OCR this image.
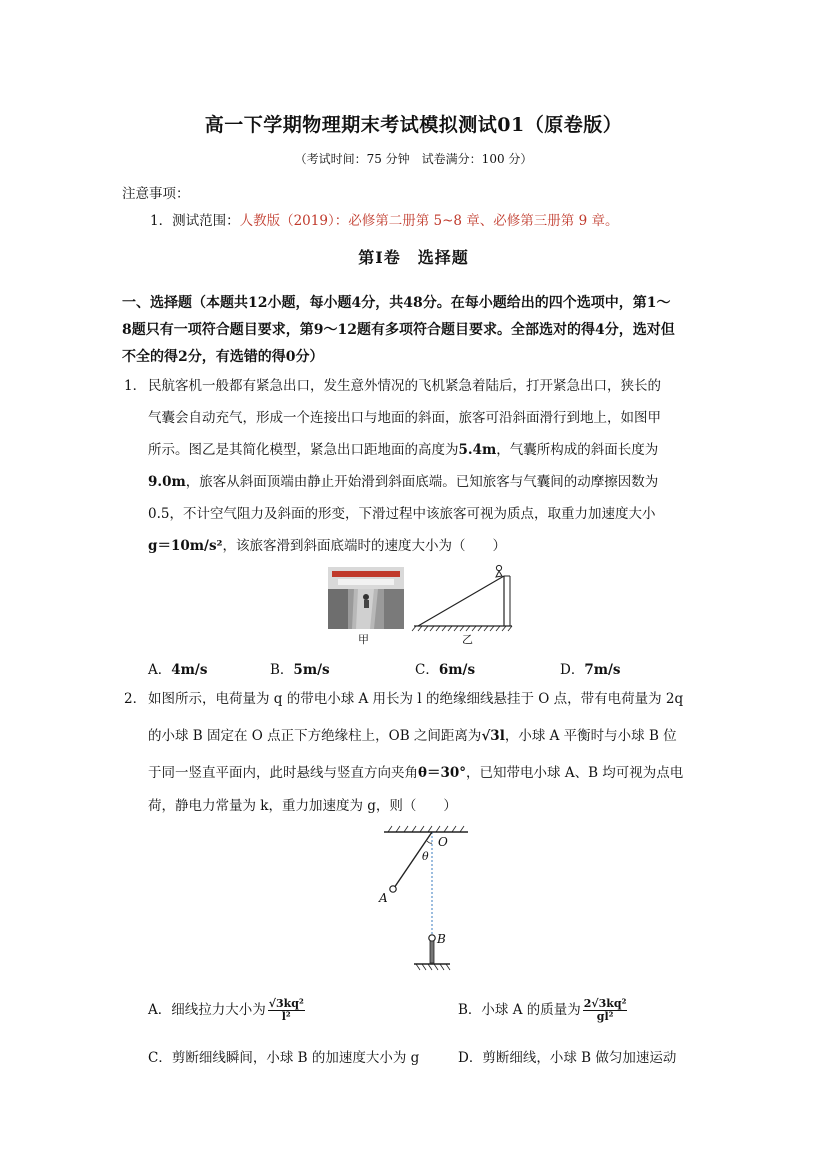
高一下学期物理期末考试模拟测试01（原卷版）
（考试时间：75 分钟　试卷满分：100 分）
注意事项：
1．测试范围：人教版（2019）：必修第二册第 5~8 章、必修第三册第 9 章。
第Ⅰ卷　选择题
一、选择题（本题共12小题，每小题4分，共48分。在每小题给出的四个选项中，第1～
8题只有一项符合题目要求，第9～12题有多项符合题目要求。全部选对的得4分，选对但
不全的得2分，有选错的得0分）
1． 民航客机一般都有紧急出口，发生意外情况的飞机紧急着陆后，打开紧急出口，狭长的
气囊会自动充气，形成一个连接出口与地面的斜面，旅客可沿斜面滑行到地上，如图甲
所示。图乙是其简化模型，紧急出口距地面的高度为5.4m，气囊所构成的斜面长度为
9.0m，旅客从斜面顶端由静止开始滑到斜面底端。已知旅客与气囊间的动摩擦因数为
0.5，不计空气阻力及斜面的形变，下滑过程中该旅客可视为质点，取重力加速度大小
g＝10m/s²，该旅客滑到斜面底端时的速度大小为（　　）
甲	乙
A．4m/s	B．5m/s	C．6m/s	D．7m/s
2． 如图所示，电荷量为 q 的带电小球 A 用长为 l 的绝缘细线悬挂于 O 点，带有电荷量为 2q
的小球 B 固定在 O 点正下方绝缘柱上，OB 之间距离为√3l，小球 A 平衡时与小球 B 位
于同一竖直平面内，此时悬线与竖直方向夹角θ＝30°，已知带电小球 A、B 均可视为点电
荷，静电力常量为 k，重力加速度为 g，则（　　）
O
θ
A
B
A．细线拉力大小为 $\frac{\text{√3kq²}}{\text{l²}}$	B．小球 A 的质量为 $\frac{\text{2√3kq²}}{\text{gl²}}$
C．剪断细线瞬间，小球 B 的加速度大小为 g	D．剪断细线，小球 B 做匀加速运动
